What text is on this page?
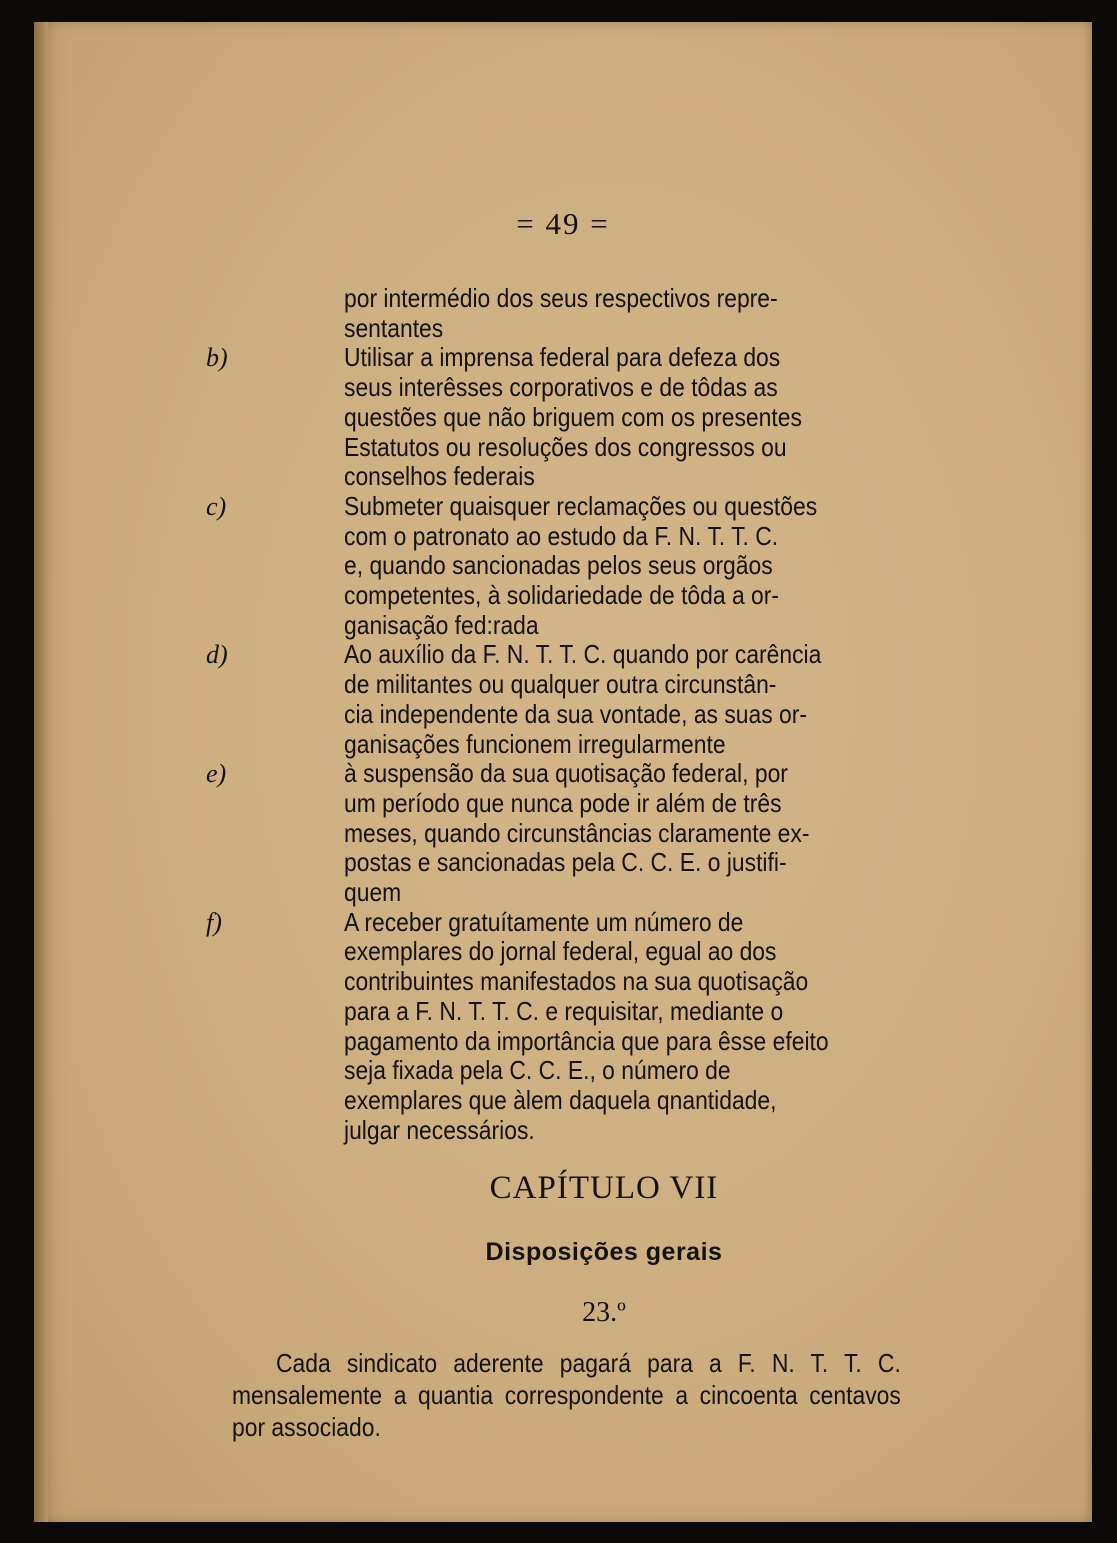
= 49 =
por intermédio dos seus respectivos repre-
sentantes
b)	Utilisar a imprensa federal para defeza dos
seus interêsses corporativos e de tôdas as
questões que não briguem com os presentes
Estatutos ou resoluções dos congressos ou
conselhos federais
c)	Submeter quaisquer reclamações ou questões
com o patronato ao estudo da F. N. T. T. C.
e, quando sancionadas pelos seus orgãos
competentes, à solidariedade de tôda a or-
ganisação fed:rada
d)	Ao auxílio da F. N. T. T. C. quando por carência
de militantes ou qualquer outra circunstân-
cia independente da sua vontade, as suas or-
ganisações funcionem irregularmente
e)	à suspensão da sua quotisação federal, por
um período que nunca pode ir além de três
meses, quando circunstâncias claramente ex-
postas e sancionadas pela C. C. E. o justifi-
quem
f)	A receber gratuítamente um número de
exemplares do jornal federal, egual ao dos
contribuintes manifestados na sua quotisação
para a F. N. T. T. C. e requisitar, mediante o
pagamento da importância que para êsse efeito
seja fixada pela C. C. E., o número de
exemplares que àlem daquela qnantidade,
julgar necessários.
CAPÍTULO VII
Disposições gerais
23.º
Cada sindicato aderente pagará para a F. N. T. T. C. mensalemente a quantia correspondente a cincoenta centavos por associado.
